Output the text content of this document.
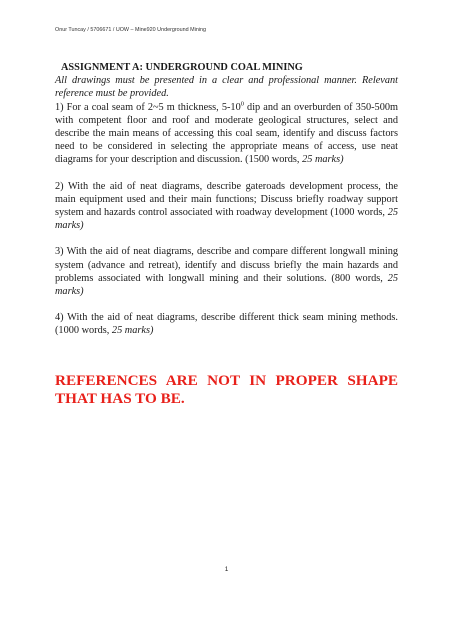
Onur Tuncay / 5706671 / UOW – Mine920 Underground Mining

ASSIGNMENT A: UNDERGROUND COAL MINING

All drawings must be presented in a clear and professional manner. Relevant reference must be provided.

1) For a coal seam of 2~5 m thickness, $5-10^0$ dip and an overburden of 350-500m with competent floor and roof and moderate geological structures, select and describe the main means of accessing this coal seam, identify and discuss factors need to be considered in selecting the appropriate means of access, use neat diagrams for your description and discussion. (1500 words, 25 marks)

2) With the aid of neat diagrams, describe gateroads development process, the main equipment used and their main functions; Discuss briefly roadway support system and hazards control associated with roadway development (1000 words, 25 marks)

3) With the aid of neat diagrams, describe and compare different longwall mining system (advance and retreat), identify and discuss briefly the main hazards and problems associated with longwall mining and their solutions. (800 words, 25 marks)

4) With the aid of neat diagrams, describe different thick seam mining methods. (1000 words, 25 marks)

REFERENCES ARE NOT IN PROPER SHAPE THAT HAS TO BE.
1
